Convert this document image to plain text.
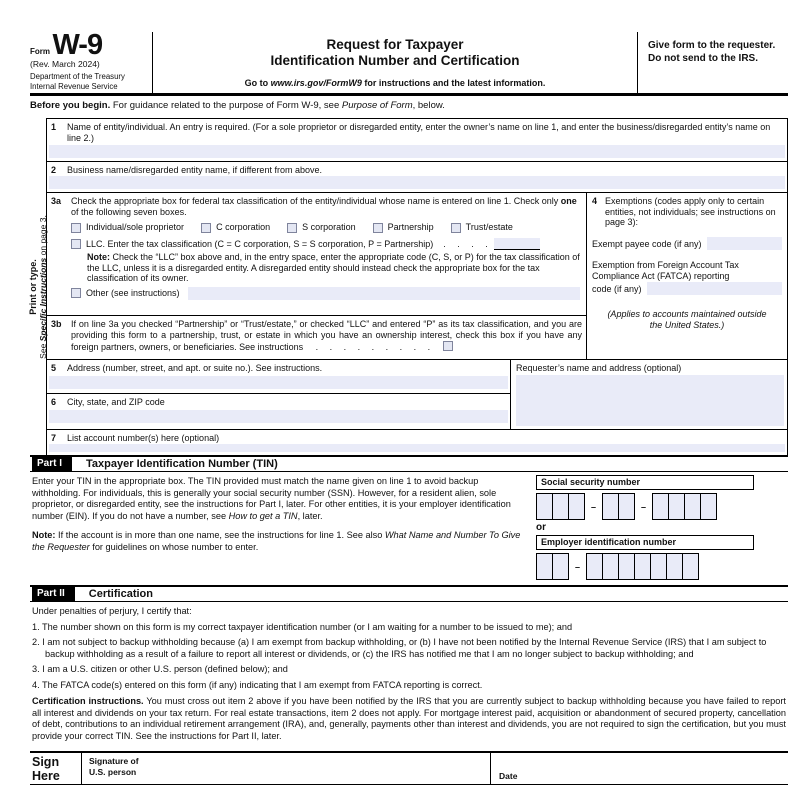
Form W-9
(Rev. March 2024)
Department of the Treasury
Internal Revenue Service
Request for Taxpayer
Identification Number and Certification
Go to www.irs.gov/FormW9 for instructions and the latest information.
Give form to the requester. Do not send to the IRS.
Before you begin. For guidance related to the purpose of Form W-9, see Purpose of Form, below.
Print or type.
See Specific Instructions on page 3.
1	Name of entity/individual. An entry is required. (For a sole proprietor or disregarded entity, enter the owner’s name on line 1, and enter the business/disregarded entity’s name on line 2.)
2	Business name/disregarded entity name, if different from above.
3a	Check the appropriate box for federal tax classification of the entity/individual whose name is entered on line 1. Check only one of the following seven boxes.
Individual/sole proprietor	C corporation	S corporation	Partnership	Trust/estate
LLC. Enter the tax classification (C = C corporation, S = S corporation, P = Partnership) . . . .
Note: Check the “LLC” box above and, in the entry space, enter the appropriate code (C, S, or P) for the tax classification of the LLC, unless it is a disregarded entity. A disregarded entity should instead check the appropriate box for the tax classification of its owner.
Other (see instructions)
3b	If on line 3a you checked “Partnership” or “Trust/estate,” or checked “LLC” and entered “P” as its tax classification, and you are providing this form to a partnership, trust, or estate in which you have an ownership interest, check this box if you have any foreign partners, owners, or beneficiaries. See instructions . . . . . . . . .
4 Exemptions (codes apply only to certain entities, not individuals; see instructions on page 3):
Exempt payee code (if any)
Exemption from Foreign Account Tax Compliance Act (FATCA) reporting
code (if any)
(Applies to accounts maintained outside the United States.)
5	Address (number, street, and apt. or suite no.). See instructions.
6	City, state, and ZIP code
Requester’s name and address (optional)
7	List account number(s) here (optional)
Part I	Taxpayer Identification Number (TIN)

Enter your TIN in the appropriate box. The TIN provided must match the name given on line 1 to avoid backup withholding. For individuals, this is generally your social security number (SSN). However, for a resident alien, sole proprietor, or disregarded entity, see the instructions for Part I, later. For other entities, it is your employer identification number (EIN). If you do not have a number, see How to get a TIN, later.

Note: If the account is in more than one name, see the instructions for line 1. See also What Name and Number To Give the Requester for guidelines on whose number to enter.

Social security number
–	–
or
Employer identification number
–
Part II	Certification
Under penalties of perjury, I certify that:
1. The number shown on this form is my correct taxpayer identification number (or I am waiting for a number to be issued to me); and
2. I am not subject to backup withholding because (a) I am exempt from backup withholding, or (b) I have not been notified by the Internal Revenue Service (IRS) that I am subject to backup withholding as a result of a failure to report all interest or dividends, or (c) the IRS has notified me that I am no longer subject to backup withholding; and
3. I am a U.S. citizen or other U.S. person (defined below); and
4. The FATCA code(s) entered on this form (if any) indicating that I am exempt from FATCA reporting is correct.
Certification instructions. You must cross out item 2 above if you have been notified by the IRS that you are currently subject to backup withholding because you have failed to report all interest and dividends on your tax return. For real estate transactions, item 2 does not apply. For mortgage interest paid, acquisition or abandonment of secured property, cancellation of debt, contributions to an individual retirement arrangement (IRA), and, generally, payments other than interest and dividends, you are not required to sign the certification, but you must provide your correct TIN. See the instructions for Part II, later.
Sign
Here
Signature of
U.S. person	Date
